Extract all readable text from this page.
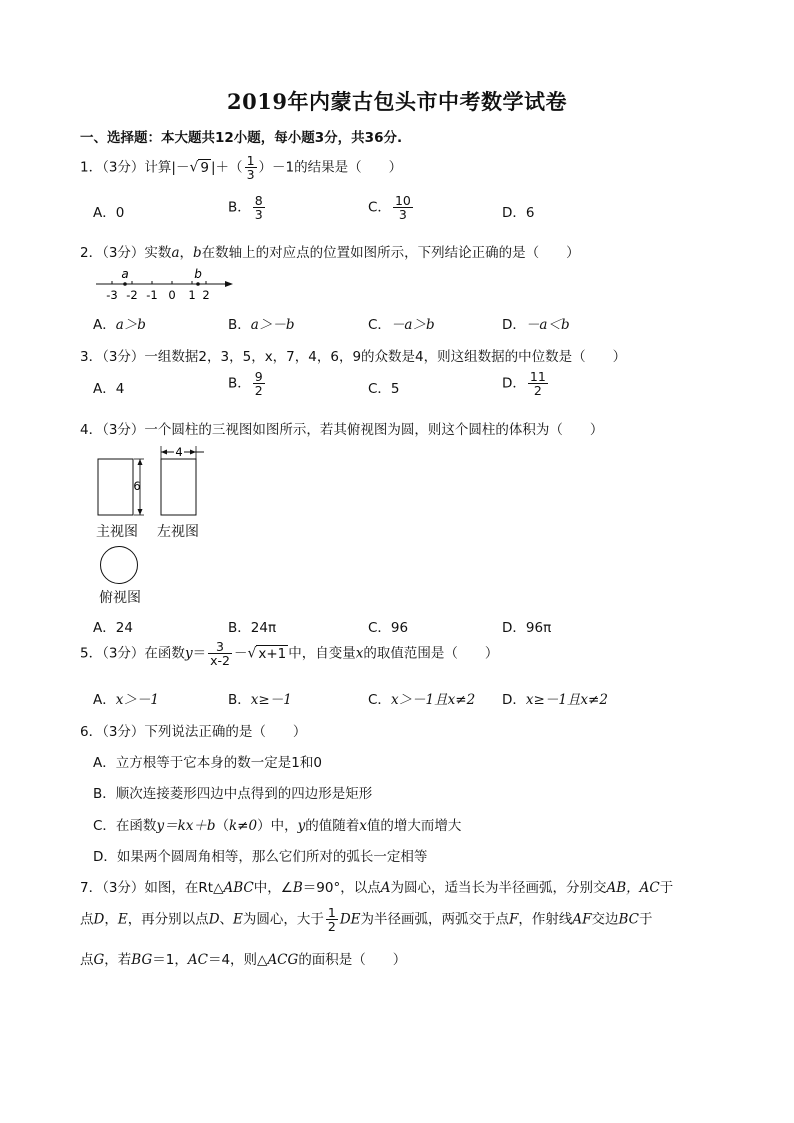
2019年内蒙古包头市中考数学试卷
一、选择题：本大题共12小题，每小题3分，共36分.
1．（3分）计算|－√ 9 |＋（ $\frac{1}{3} )-1$的结果是（　　）
A．0	B． $\frac{8}{3}$	C． $\frac{10}{3}$	D．6
2．（3分）实数a，b在数轴上的对应点的位置如图所示，下列结论正确的是（　　）
a	b
-3 -2 -1 0 1 2
A．a＞b	B．a＞－b	C．－a＞b	D．－a＜b
3．（3分）一组数据2，3，5，x，7，4，6，9的众数是4，则这组数据的中位数是（　　）
A．4	B． $\frac{9}{2}$	C．5	D． $\frac{11}{2}$
4．（3分）一个圆柱的三视图如图所示，若其俯视图为圆，则这个圆柱的体积为（　　）
6
4
主视图 左视图
俯视图
A．24	B．24π	C．96	D．96π
5．（3分）在函数$y= \frac{3}{x-2}$ －√ x+1 中，自变量x的取值范围是（　　）
A．x＞－1	B．x≥－1	C．x＞－1且x≠2 D．x≥－1且x≠2
6．（3分）下列说法正确的是（　　）
A．立方根等于它本身的数一定是1和0
B．顺次连接菱形四边中点得到的四边形是矩形
C．在函数y＝kx＋b（k≠0）中，y的值随着x值的增大而增大
D．如果两个圆周角相等，那么它们所对的弧长一定相等
7．（3分）如图，在Rt△ABC中，∠B＝90°，以点A为圆心，适当长为半径画弧，分别交AB，AC于
点D，E，再分别以点D、E为圆心，大于 $\frac{1}{2}$ DE为半径画弧，两弧交于点F，作射线AF交边BC于
点G，若BG＝1，AC＝4，则△ACG的面积是（　　）
